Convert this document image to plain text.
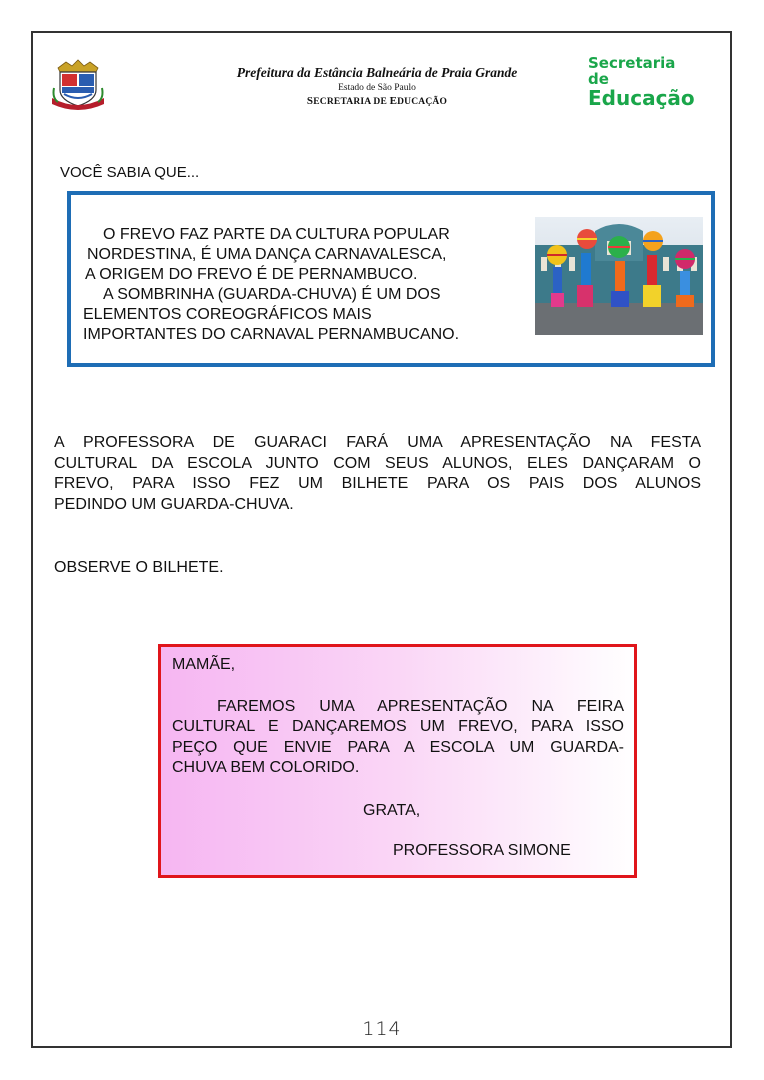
Prefeitura da Estância Balneária de Praia Grande
Estado de São Paulo
SECRETARIA DE EDUCAÇÃO
Secretaria de
Educação
VOCÊ SABIA QUE...
O FREVO FAZ PARTE DA CULTURA POPULAR
NORDESTINA, É UMA DANÇA CARNAVALESCA,
A ORIGEM DO FREVO É DE PERNAMBUCO.
A SOMBRINHA (GUARDA-CHUVA) É UM DOS
ELEMENTOS COREOGRÁFICOS MAIS
IMPORTANTES DO CARNAVAL PERNAMBUCANO.
A PROFESSORA DE GUARACI FARÁ UMA APRESENTAÇÃO NA FESTA
CULTURAL DA ESCOLA JUNTO COM SEUS ALUNOS, ELES DANÇARAM O
FREVO, PARA ISSO FEZ UM BILHETE PARA OS PAIS DOS ALUNOS
PEDINDO UM GUARDA-CHUVA.
OBSERVE O BILHETE.
MAMÃE,
FAREMOS UMA APRESENTAÇÃO NA FEIRA
CULTURAL E DANÇAREMOS UM FREVO, PARA ISSO
PEÇO QUE ENVIE PARA A ESCOLA UM GUARDA-
CHUVA BEM COLORIDO.
GRATA,
PROFESSORA SIMONE
114
